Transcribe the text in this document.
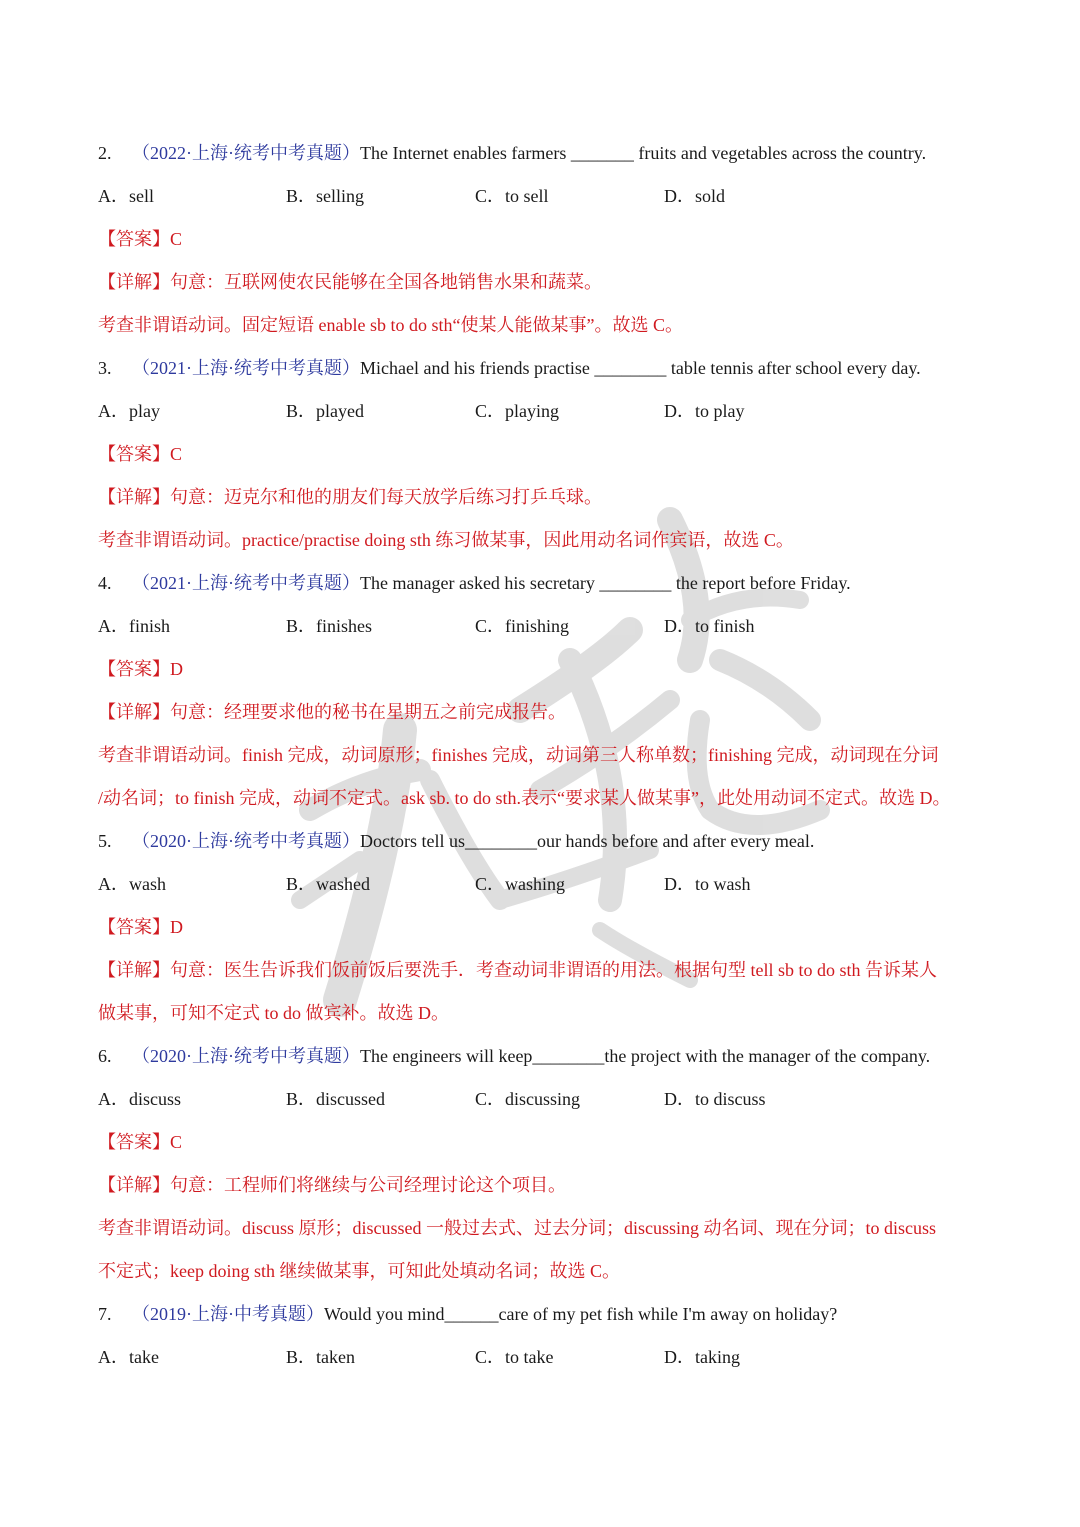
2. （2022·上海·统考中考真题）The Internet enables farmers _______ fruits and vegetables across the country.
A．sell	B．selling	C．to sell	D．sold
【答案】C
【详解】句意：互联网使农民能够在全国各地销售水果和蔬菜。
考查非谓语动词。固定短语 enable sb to do sth“使某人能做某事”。故选 C。
3. （2021·上海·统考中考真题）Michael and his friends practise ________ table tennis after school every day.
A．play	B．played	C．playing	D．to play
【答案】C
【详解】句意：迈克尔和他的朋友们每天放学后练习打乒乓球。
考查非谓语动词。practice/practise doing sth 练习做某事，因此用动名词作宾语，故选 C。
4. （2021·上海·统考中考真题）The manager asked his secretary ________ the report before Friday.
A．finish	B．finishes	C．finishing	D．to finish
【答案】D
【详解】句意：经理要求他的秘书在星期五之前完成报告。
考查非谓语动词。finish 完成，动词原形；finishes 完成，动词第三人称单数；finishing 完成，动词现在分词
/动名词；to finish 完成，动词不定式。ask sb. to do sth.表示“要求某人做某事”，此处用动词不定式。故选 D。
5. （2020·上海·统考中考真题）Doctors tell us________our hands before and after every meal.
A．wash	B．washed	C．washing	D．to wash
【答案】D
【详解】句意：医生告诉我们饭前饭后要洗手．考查动词非谓语的用法。根据句型 tell sb to do sth 告诉某人
做某事，可知不定式 to do 做宾补。故选 D。
6. （2020·上海·统考中考真题）The engineers will keep________the project with the manager of the company.
A．discuss	B．discussed	C．discussing	D．to discuss
【答案】C
【详解】句意：工程师们将继续与公司经理讨论这个项目。
考查非谓语动词。discuss 原形；discussed 一般过去式、过去分词；discussing 动名词、现在分词；to discuss
不定式；keep doing sth 继续做某事，可知此处填动名词；故选 C。
7. （2019·上海·中考真题）Would you mind______care of my pet fish while I'm away on holiday?
A．take	B．taken	C．to take	D．taking
